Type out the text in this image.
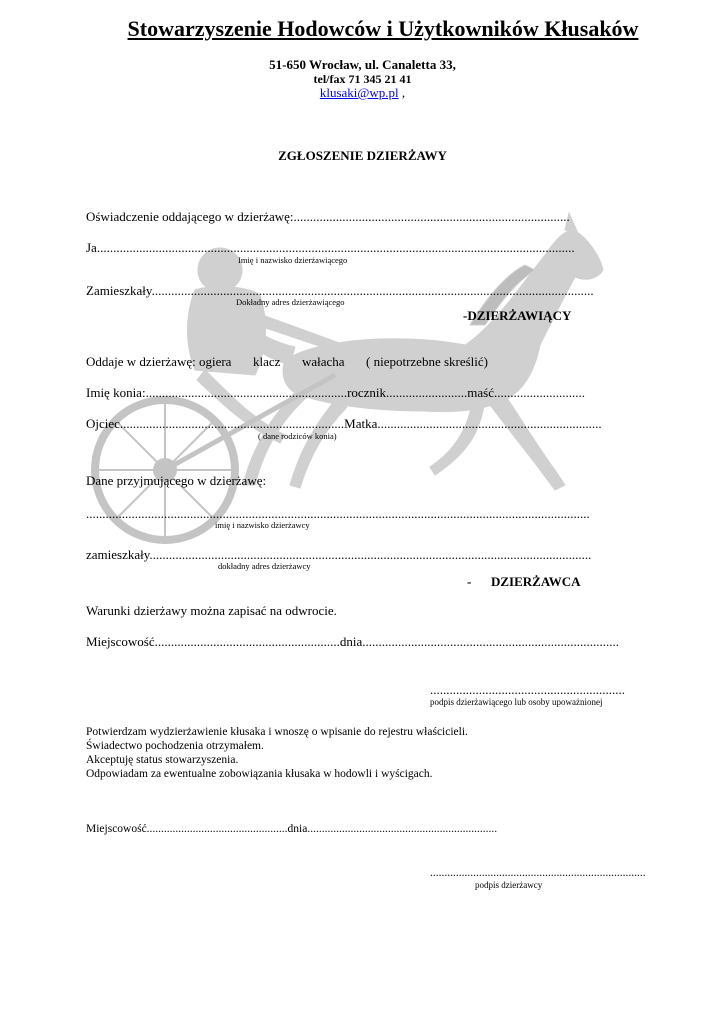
Stowarzyszenie Hodowców i Użytkowników Kłusaków
51-650 Wrocław, ul. Canaletta 33,
tel/fax 71 345 21 41
klusaki@wp.pl ,
ZGŁOSZENIE DZIERŻAWY
Oświadczenie oddającego w dzierżawę:.....................................................................................
Ja...................................................................................................................................................
Imię i nazwisko dzierżawiącego
Zamieszkały........................................................................................................................................
Dokładny adres dzierżawiącego
-DZIERŻAWIĄCY
Oddaje w dzierżawę: ogiera klacz wałacha ( niepotrzebne skreślić)
Imię konia:..............................................................rocznik.........................maść............................
Ojciec.....................................................................Matka.....................................................................
( dane rodziców konia)
Dane przyjmującego w dzierżawę:
...........................................................................................................................................................
imię i nazwisko dzierżawcy
zamieszkały........................................................................................................................................
dokładny adres dzierżawcy
- DZIERŻAWCA
Warunki dzierżawy można zapisać na odwrocie.
Miejscowość.........................................................dnia...............................................................................
............................................................
podpis dzierżawiącego lub osoby upoważnionej
Potwierdzam wydzierżawienie kłusaka i wnoszę o wpisanie do rejestru właścicieli.
Świadectwo pochodzenia otrzymałem.
Akceptuję status stowarzyszenia.
Odpowiadam za ewentualne zobowiązania kłusaka w hodowli i wyścigach.
Miejscowość.................................................dnia..................................................................
...........................................................................
podpis dzierżawcy
